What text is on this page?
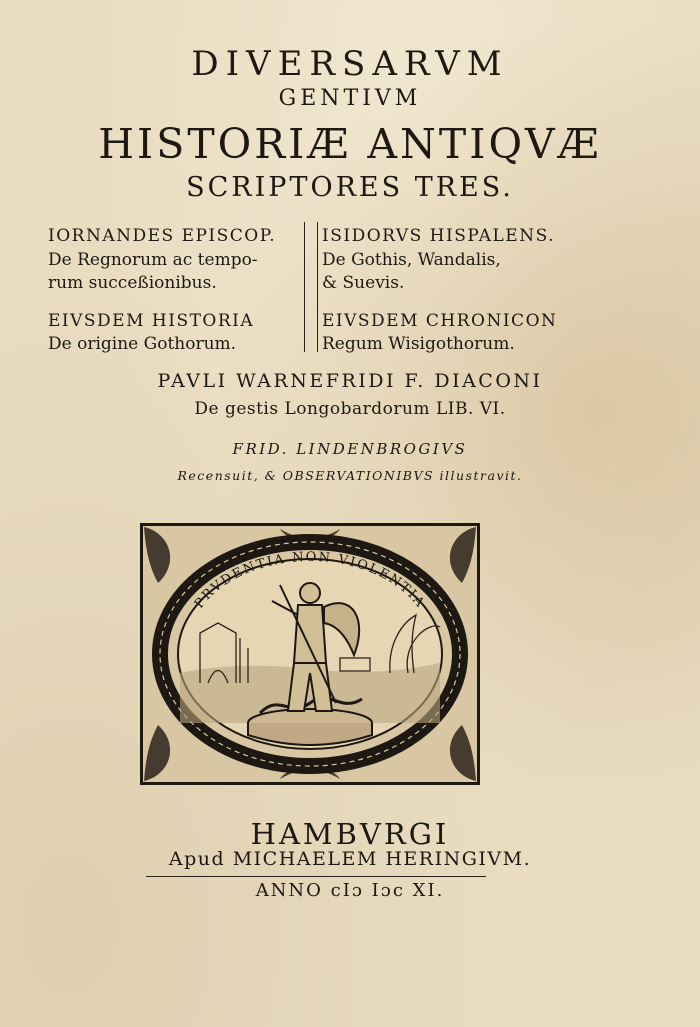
DIVERSARVM
GENTIVM
HISTORIÆ ANTIQVÆ
SCRIPTORES TRES.
IORNANDES EPISCOP.
De Regnorum ac tempo-
rum succeßionibus.
EIVSDEM HISTORIA
De origine Gothorum.
ISIDORVS HISPALENS.
De Gothis, Wandalis,
& Suevis.
EIVSDEM CHRONICON
Regum Wisigothorum.
PAVLI WARNEFRIDI F. DIACONI
De gestis Longobardorum LIB. VI.
FRID. LINDENBROGIVS
Recensuit, & OBSERVATIONIBVS illustravit.
PRVDENTIA NON VIOLENTIA
HAMBVRGI
Apud MICHAELEM HERINGIVM.
ANNO cIɔ Iɔc XI.
